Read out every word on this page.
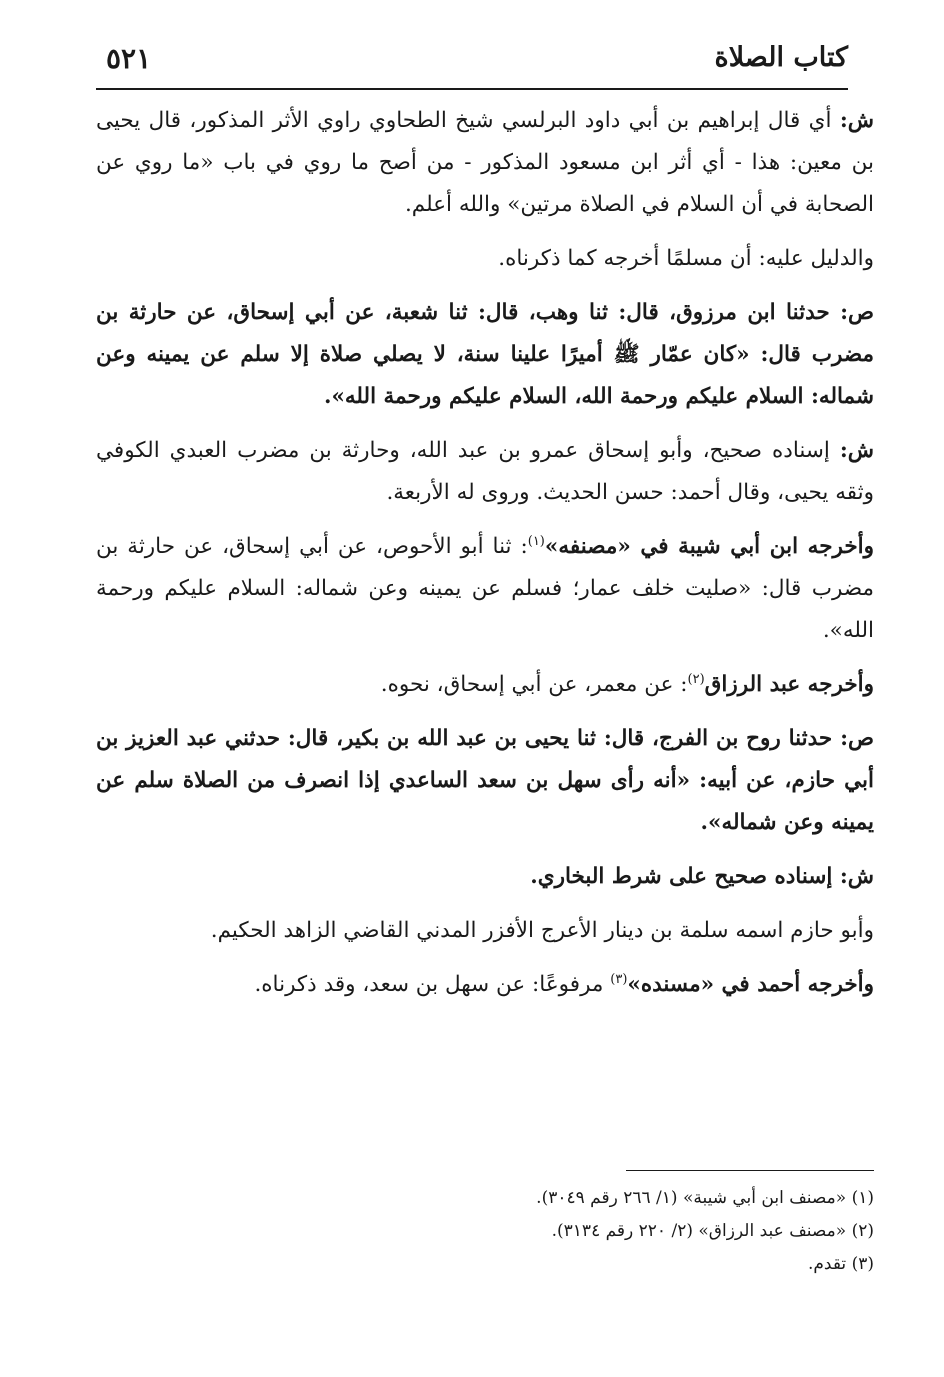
٥٢١	كتاب الصلاة

ش: أي قال إبراهيم بن أبي داود البرلسي شيخ الطحاوي راوي الأثر المذكور، قال يحيى بن معين: هذا - أي أثر ابن مسعود المذكور - من أصح ما روي في باب «ما روي عن الصحابة في أن السلام في الصلاة مرتين» والله أعلم.

والدليل عليه: أن مسلمًا أخرجه كما ذكرناه.

ص: حدثنا ابن مرزوق، قال: ثنا وهب، قال: ثنا شعبة، عن أبي إسحاق، عن حارثة بن مضرب قال: «كان عمّار ﷺ أميرًا علينا سنة، لا يصلي صلاة إلا سلم عن يمينه وعن شماله: السلام عليكم ورحمة الله، السلام عليكم ورحمة الله».

ش: إسناده صحيح، وأبو إسحاق عمرو بن عبد الله، وحارثة بن مضرب العبدي الكوفي وثقه يحيى، وقال أحمد: حسن الحديث. وروى له الأربعة.

وأخرجه ابن أبي شيبة في «مصنفه»$^{(١)}$: ثنا أبو الأحوص، عن أبي إسحاق، عن حارثة بن مضرب قال: «صليت خلف عمار؛ فسلم عن يمينه وعن شماله: السلام عليكم ورحمة الله».

وأخرجه عبد الرزاق$^{(٢)}$: عن معمر، عن أبي إسحاق، نحوه.

ص: حدثنا روح بن الفرج، قال: ثنا يحيى بن عبد الله بن بكير، قال: حدثني عبد العزيز بن أبي حازم، عن أبيه: «أنه رأى سهل بن سعد الساعدي إذا انصرف من الصلاة سلم عن يمينه وعن شماله».

ش: إسناده صحيح على شرط البخاري.

وأبو حازم اسمه سلمة بن دينار الأعرج الأفزر المدني القاضي الزاهد الحكيم.

وأخرجه أحمد في «مسنده»$^{(٣)}$ مرفوعًا: عن سهل بن سعد، وقد ذكرناه.

(١) «مصنف ابن أبي شيبة» (١/ ٢٦٦ رقم ٣٠٤٩).
(٢) «مصنف عبد الرزاق» (٢/ ٢٢٠ رقم ٣١٣٤).
(٣) تقدم.
